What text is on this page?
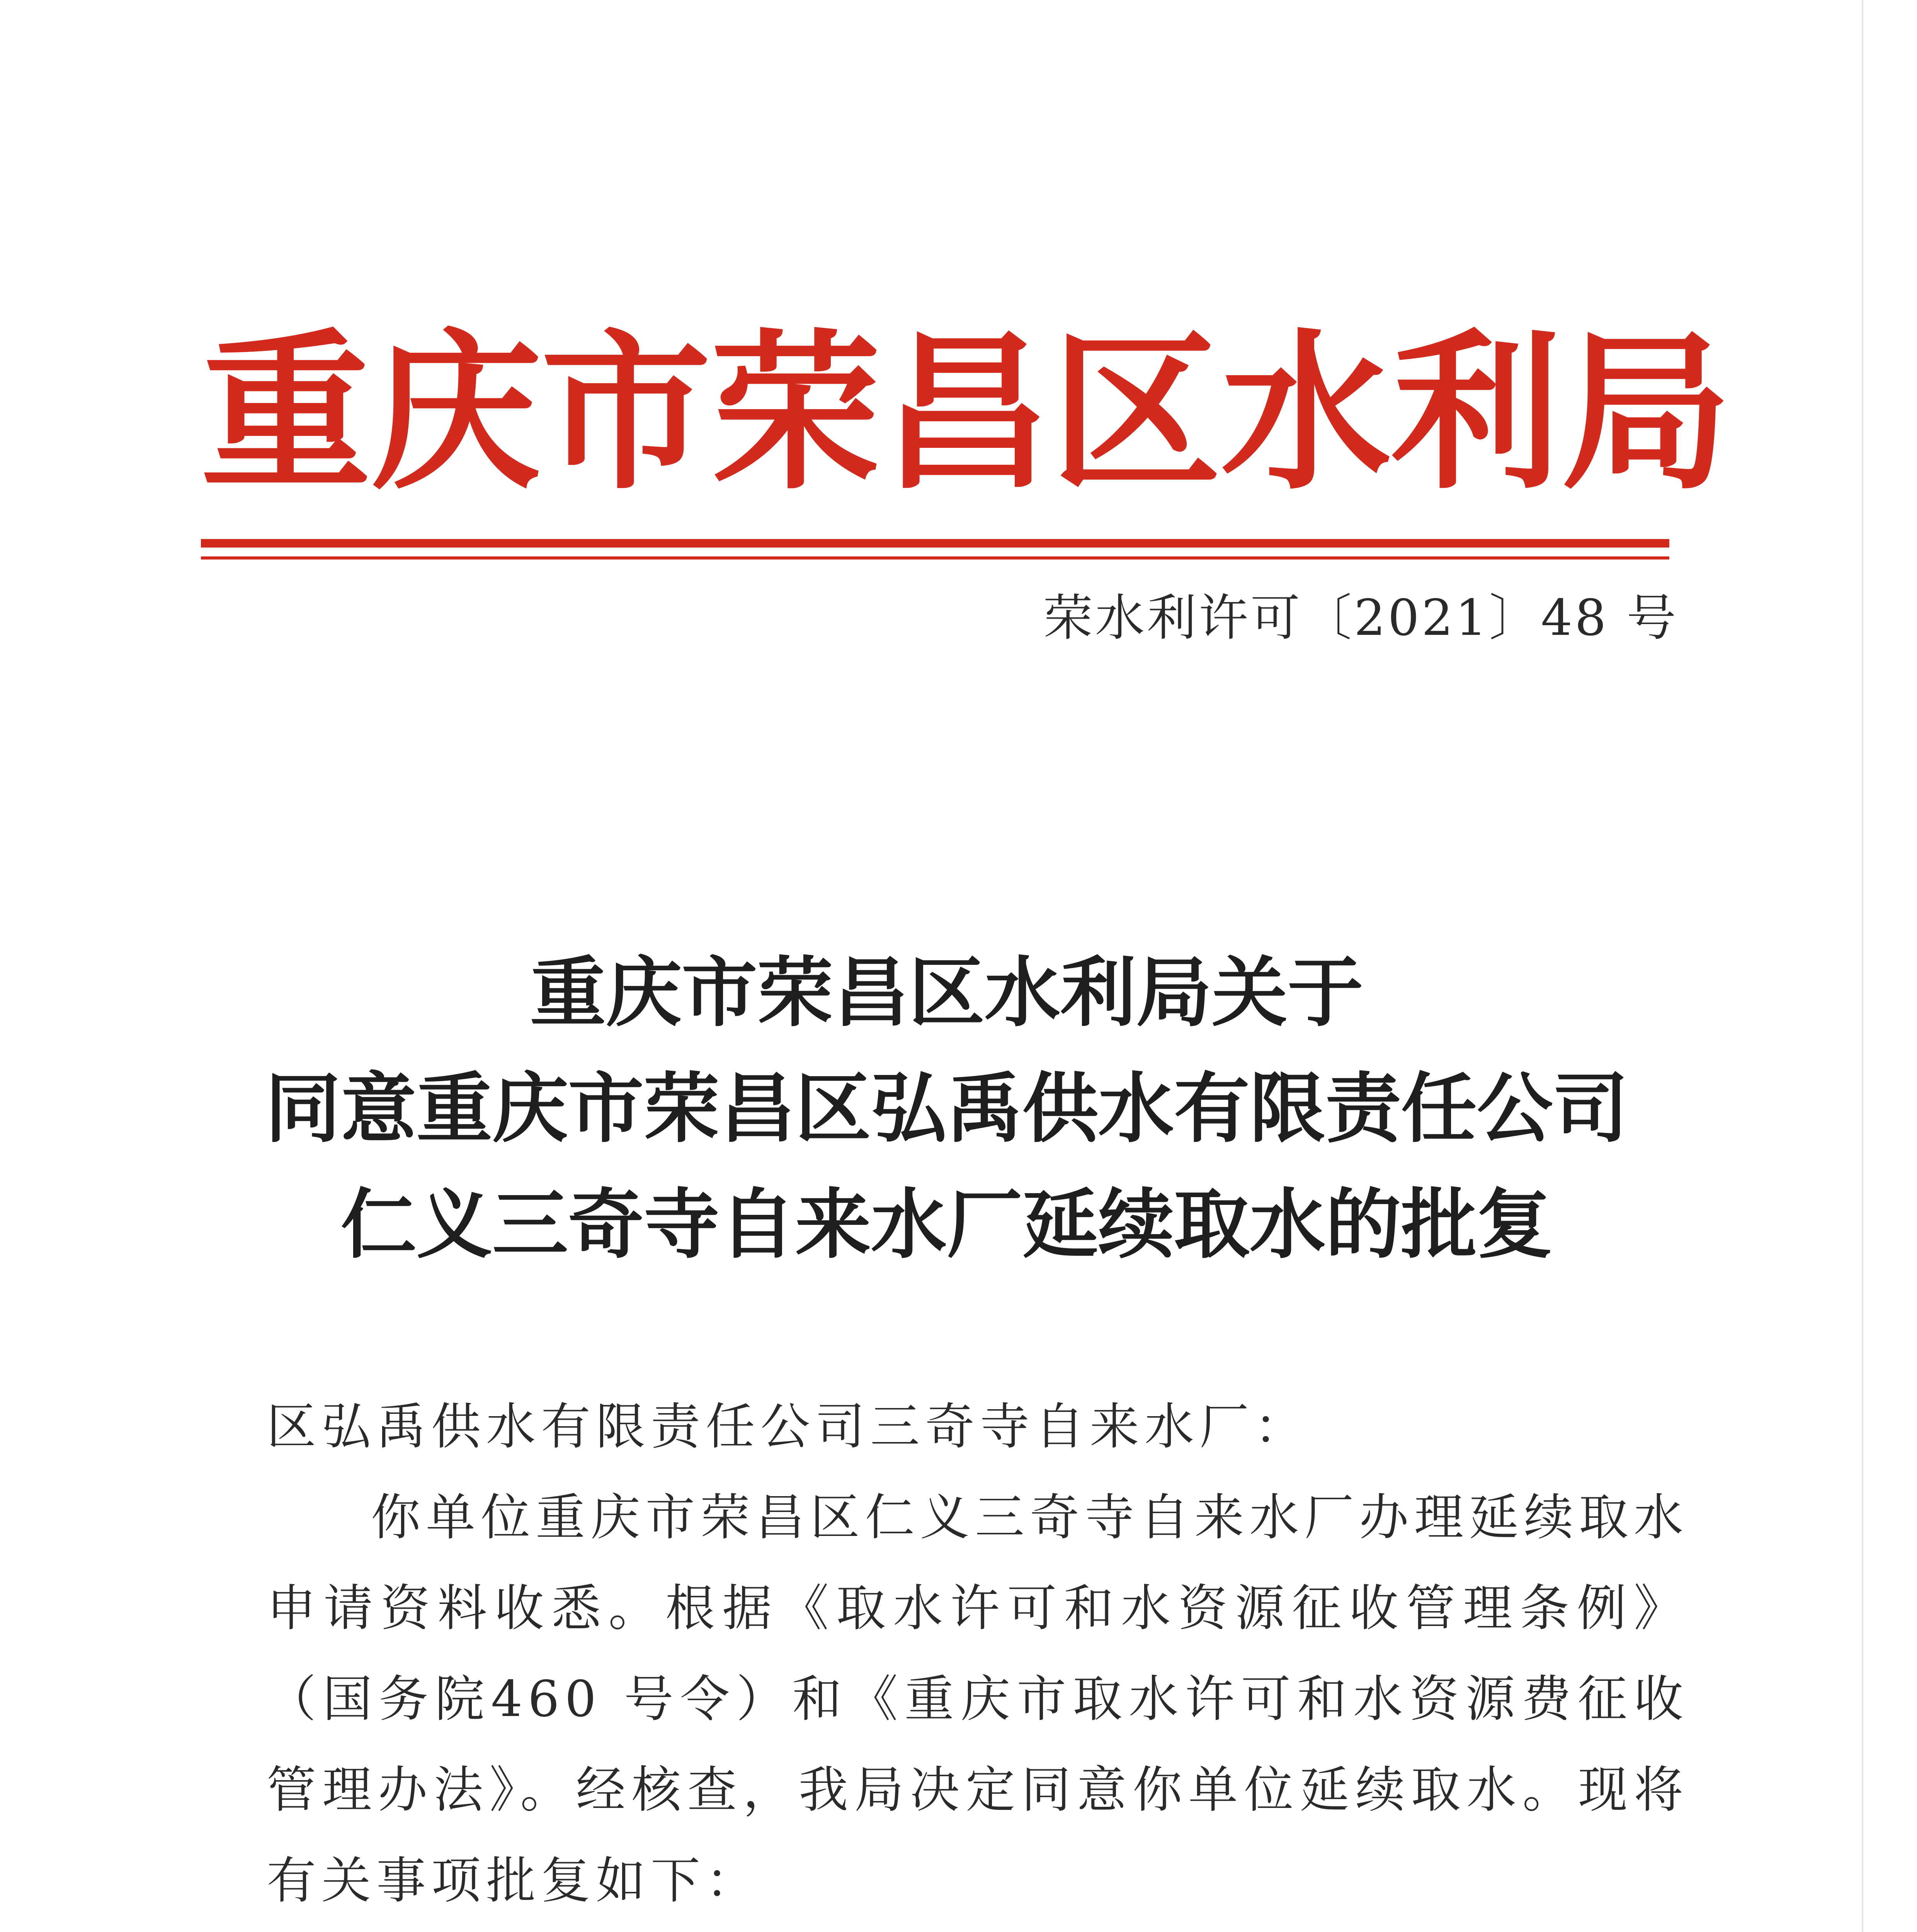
重庆市荣昌区水利局
荣水利许可〔2021〕48 号
重庆市荣昌区水利局关于
同意重庆市荣昌区弘禹供水有限责任公司
仁义三奇寺自来水厂延续取水的批复

区弘禹供水有限责任公司三奇寺自来水厂：

你单位重庆市荣昌区仁义三奇寺自来水厂办理延续取水申请资料收悉。根据《取水许可和水资源征收管理条例》（国务院460 号令）和《重庆市取水许可和水资源费征收管理办法》。经核查，我局决定同意你单位延续取水。现将有关事项批复如下：
